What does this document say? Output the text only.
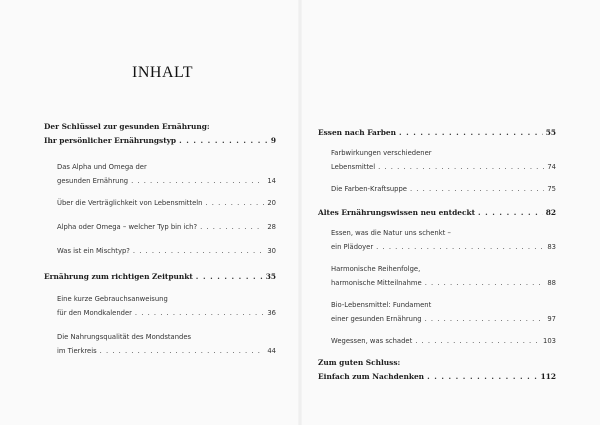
INHALT
Der Schlüssel zur gesunden Ernährung:
Ihr persönlicher Ernährungstyp . . .	9
Das Alpha und Omega der
gesunden Ernährung . . .	14
Über die Verträglichkeit von Lebensmitteln . . .	20
Alpha oder Omega – welcher Typ bin ich? . . .	28
Was ist ein Mischtyp? . . .	30
Ernährung zum richtigen Zeitpunkt . . .	35
Eine kurze Gebrauchsanweisung
für den Mondkalender . . .	36
Die Nahrungsqualität des Mondstandes
im Tierkreis . . .	44
Essen nach Farben . . .	55
Farbwirkungen verschiedener
Lebensmittel . . .	74
Die Farben-Kraftsuppe . . .	75
Altes Ernährungswissen neu entdeckt . . .	82
Essen, was die Natur uns schenkt –
ein Plädoyer . . .	83
Harmonische Reihenfolge,
harmonische Mitteilnahme . . .	88
Bio-Lebensmittel: Fundament
einer gesunden Ernährung . . .	97
Wegessen, was schadet . . .	103
Zum guten Schluss:
Einfach zum Nachdenken . . .	112
